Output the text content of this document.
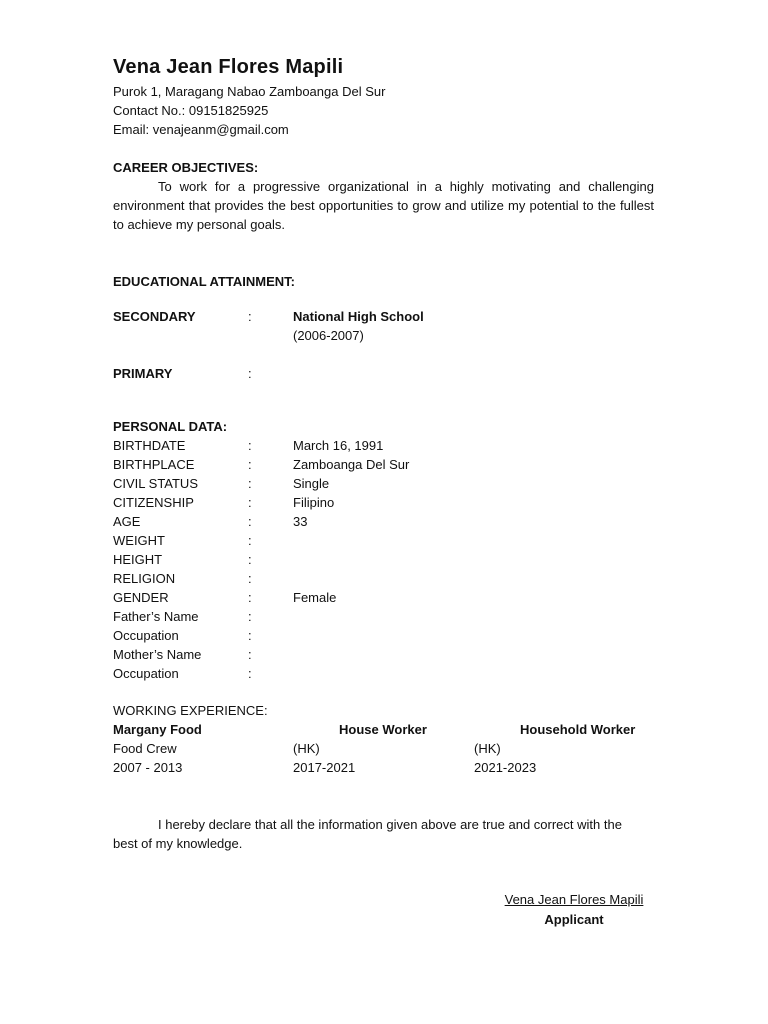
Vena Jean Flores Mapili
Purok 1, Maragang Nabao Zamboanga Del Sur
Contact No.: 09151825925
Email: venajeanm@gmail.com
CAREER OBJECTIVES:
To work for a progressive organizational in a highly motivating and challenging environment that provides the best opportunities to grow and utilize my potential to the fullest to achieve my personal goals.
EDUCATIONAL ATTAINMENT:
SECONDARY	:	National High School
(2006-2007)
PRIMARY	:
PERSONAL DATA:
BIRTHDATE	:	March 16, 1991
BIRTHPLACE	:	Zamboanga Del Sur
CIVIL STATUS	:	Single
CITIZENSHIP	:	Filipino
AGE	:	33
WEIGHT	:
HEIGHT	:
RELIGION	:
GENDER	:	Female
Father’s Name	:
Occupation	:
Mother’s Name	:
Occupation	:
WORKING EXPERIENCE:
Margany Food	House Worker	Household Worker
Food Crew	(HK)	(HK)
2007 - 2013	2017-2021	2021-2023
I hereby declare that all the information given above are true and correct with the best of my knowledge.
Vena Jean Flores Mapili
Applicant
